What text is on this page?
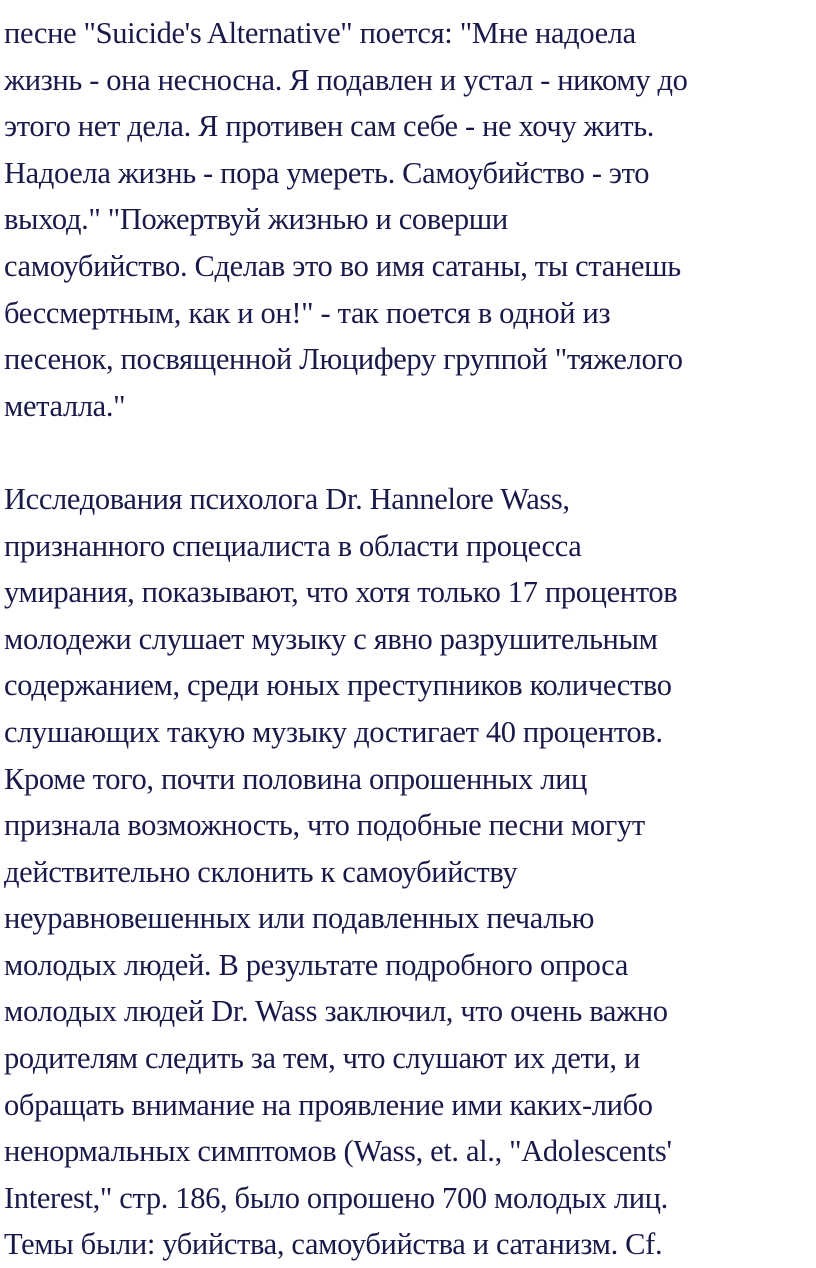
песне "Suicide's Alternative" поется: "Мне надоела
жизнь - она несносна. Я подавлен и устал - никому до
этого нет дела. Я противен сам себе - не хочу жить.
Надоела жизнь - пора умереть. Самоубийство - это
выход." "Пожертвуй жизнью и соверши
самоубийство. Сделав это во имя сатаны, ты станешь
бессмертным, как и он!" - так поется в одной из
песенок, посвященной Люциферу группой "тяжелого
металла."
Исследования психолога Dr. Hannelore Wass,
признанного специалиста в области процесса
умирания, показывают, что хотя только 17 процентов
молодежи слушает музыку с явно разрушительным
содержанием, среди юных преступников количество
слушающих такую музыку достигает 40 процентов.
Кроме того, почти половина опрошенных лиц
признала возможность, что подобные песни могут
действительно склонить к самоубийству
неуравновешенных или подавленных печалью
молодых людей. В результате подробного опроса
молодых людей Dr. Wass заключил, что очень важно
родителям следить за тем, что слушают их дети, и
обращать внимание на проявление ими каких-либо
ненормальных симптомов (Wass, et. al., "Adolescents'
Interest," стр. 186, было опрошено 700 молодых лиц.
Темы были: убийства, самоубийства и сатанизм. Cf.
